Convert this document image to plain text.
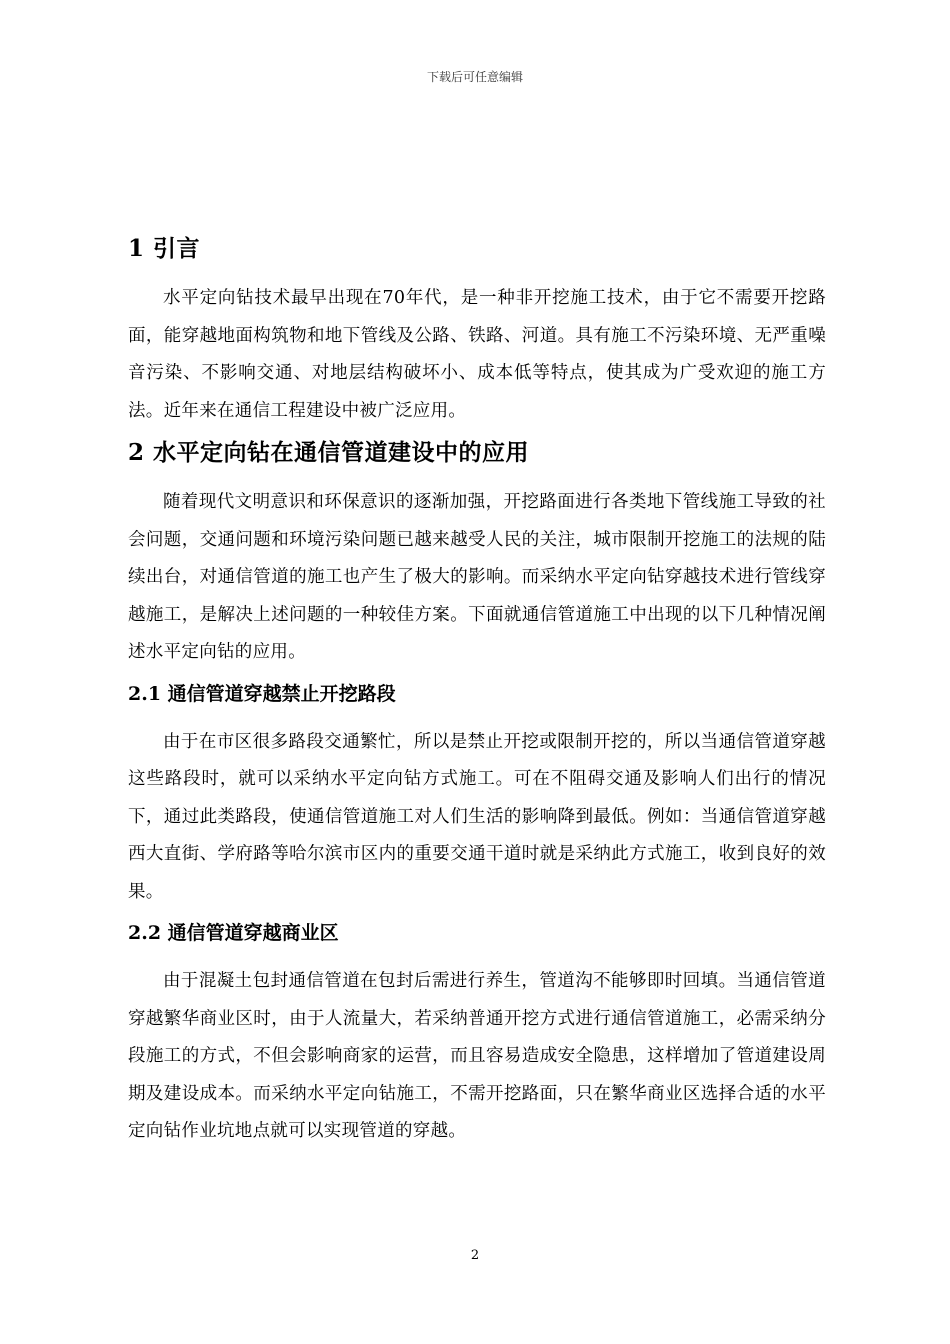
下载后可任意编辑
1 引言

水平定向钻技术最早出现在70年代，是一种非开挖施工技术，由于它不需要开挖路面，能穿越地面构筑物和地下管线及公路、铁路、河道。具有施工不污染环境、无严重噪音污染、不影响交通、对地层结构破坏小、成本低等特点，使其成为广受欢迎的施工方法。近年来在通信工程建设中被广泛应用。

2 水平定向钻在通信管道建设中的应用

随着现代文明意识和环保意识的逐渐加强，开挖路面进行各类地下管线施工导致的社会问题，交通问题和环境污染问题已越来越受人民的关注，城市限制开挖施工的法规的陆续出台，对通信管道的施工也产生了极大的影响。而采纳水平定向钻穿越技术进行管线穿越施工，是解决上述问题的一种较佳方案。下面就通信管道施工中出现的以下几种情况阐述水平定向钻的应用。

2.1 通信管道穿越禁止开挖路段

由于在市区很多路段交通繁忙，所以是禁止开挖或限制开挖的，所以当通信管道穿越这些路段时，就可以采纳水平定向钻方式施工。可在不阻碍交通及影响人们出行的情况下，通过此类路段，使通信管道施工对人们生活的影响降到最低。例如：当通信管道穿越西大直街、学府路等哈尔滨市区内的重要交通干道时就是采纳此方式施工，收到良好的效果。

2.2 通信管道穿越商业区

由于混凝土包封通信管道在包封后需进行养生，管道沟不能够即时回填。当通信管道穿越繁华商业区时，由于人流量大，若采纳普通开挖方式进行通信管道施工，必需采纳分段施工的方式，不但会影响商家的运营，而且容易造成安全隐患，这样增加了管道建设周期及建设成本。而采纳水平定向钻施工，不需开挖路面，只在繁华商业区选择合适的水平定向钻作业坑地点就可以实现管道的穿越。

2
